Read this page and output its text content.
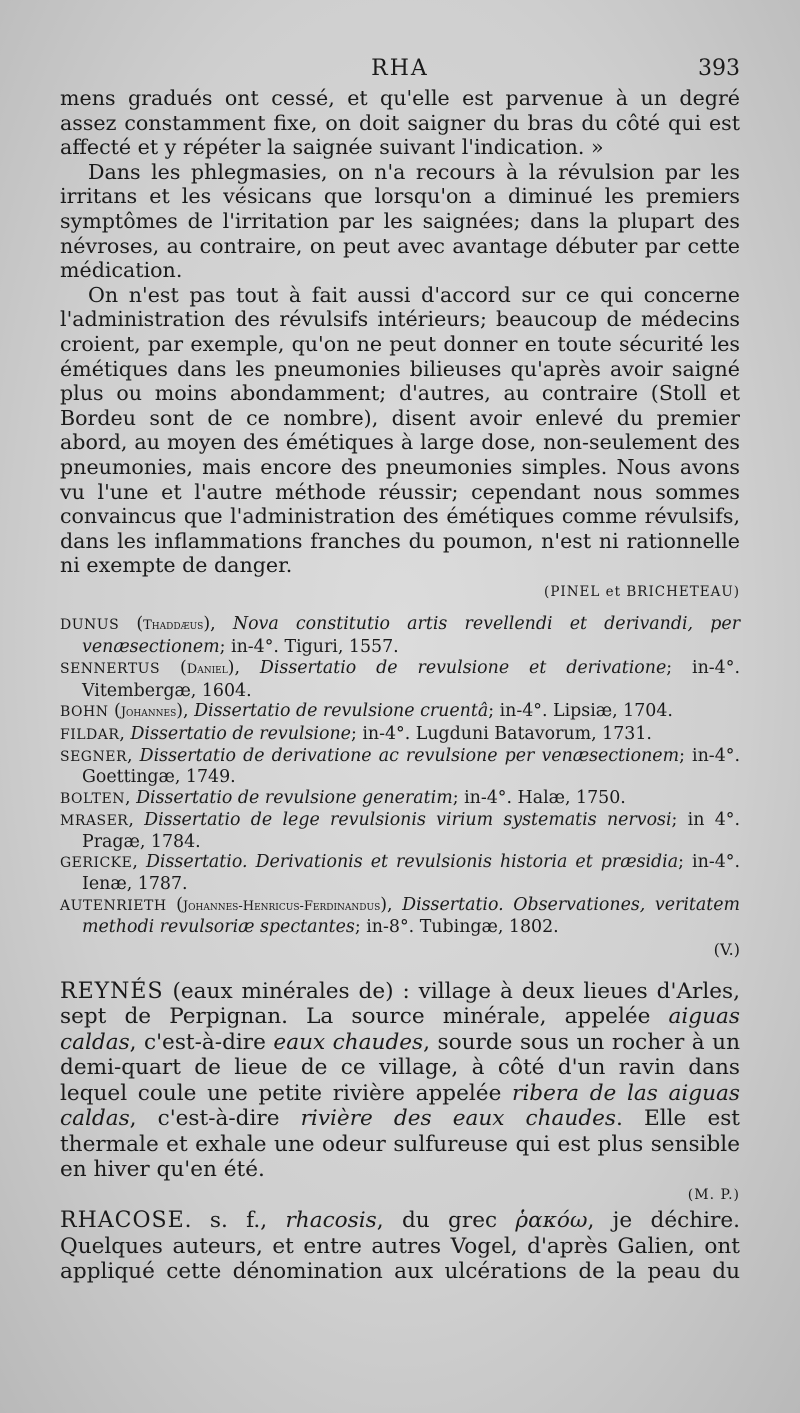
RHA	393

mens gradués ont cessé, et qu'elle est parvenue à un degré assez constamment fixe, on doit saigner du bras du côté qui est affecté et y répéter la saignée suivant l'indication. »

Dans les phlegmasies, on n'a recours à la révulsion par les irritans et les vésicans que lorsqu'on a diminué les premiers symptômes de l'irritation par les saignées; dans la plupart des névroses, au contraire, on peut avec avantage débuter par cette médication.

On n'est pas tout à fait aussi d'accord sur ce qui concerne l'administration des révulsifs intérieurs; beaucoup de médecins croient, par exemple, qu'on ne peut donner en toute sécurité les émétiques dans les pneumonies bilieuses qu'après avoir saigné plus ou moins abondamment; d'autres, au contraire (Stoll et Bordeu sont de ce nombre), disent avoir enlevé du premier abord, au moyen des émétiques à large dose, non-seulement des pneumonies, mais encore des pneumonies simples. Nous avons vu l'une et l'autre méthode réussir; cependant nous sommes convaincus que l'administration des émétiques comme révulsifs, dans les inflammations franches du poumon, n'est ni rationnelle ni exempte de danger.

(PINEL et BRICHETEAU)

DUNUS (Thaddæus), Nova constitutio artis revellendi et derivandi, per venæsectionem; in-4°. Tiguri, 1557.

SENNERTUS (Daniel), Dissertatio de revulsione et derivatione; in-4°. Vitembergæ, 1604.

BOHN (Johannes), Dissertatio de revulsione cruentâ; in-4°. Lipsiæ, 1704.

FILDAR, Dissertatio de revulsione; in-4°. Lugduni Batavorum, 1731.

SEGNER, Dissertatio de derivatione ac revulsione per venæsectionem; in-4°. Goettingæ, 1749.

BOLTEN, Dissertatio de revulsione generatim; in-4°. Halæ, 1750.

MRASER, Dissertatio de lege revulsionis virium systematis nervosi; in 4°. Pragæ, 1784.

GERICKE, Dissertatio. Derivationis et revulsionis historia et præsidia; in-4°. Ienæ, 1787.

AUTENRIETH (Johannes-Henricus-Ferdinandus), Dissertatio. Observationes, veritatem methodi revulsoriæ spectantes; in-8°. Tubingæ, 1802.

(V.)

REYNÉS (eaux minérales de) : village à deux lieues d'Arles, sept de Perpignan. La source minérale, appelée aiguas caldas, c'est-à-dire eaux chaudes, sourde sous un rocher à un demi-quart de lieue de ce village, à côté d'un ravin dans lequel coule une petite rivière appelée ribera de las aiguas caldas, c'est-à-dire rivière des eaux chaudes. Elle est thermale et exhale une odeur sulfureuse qui est plus sensible en hiver qu'en été.

(M. P.)

RHACOSE. s. f., rhacosis, du grec ῥακόω, je déchire. Quelques auteurs, et entre autres Vogel, d'après Galien, ont appliqué cette dénomination aux ulcérations de la peau du
